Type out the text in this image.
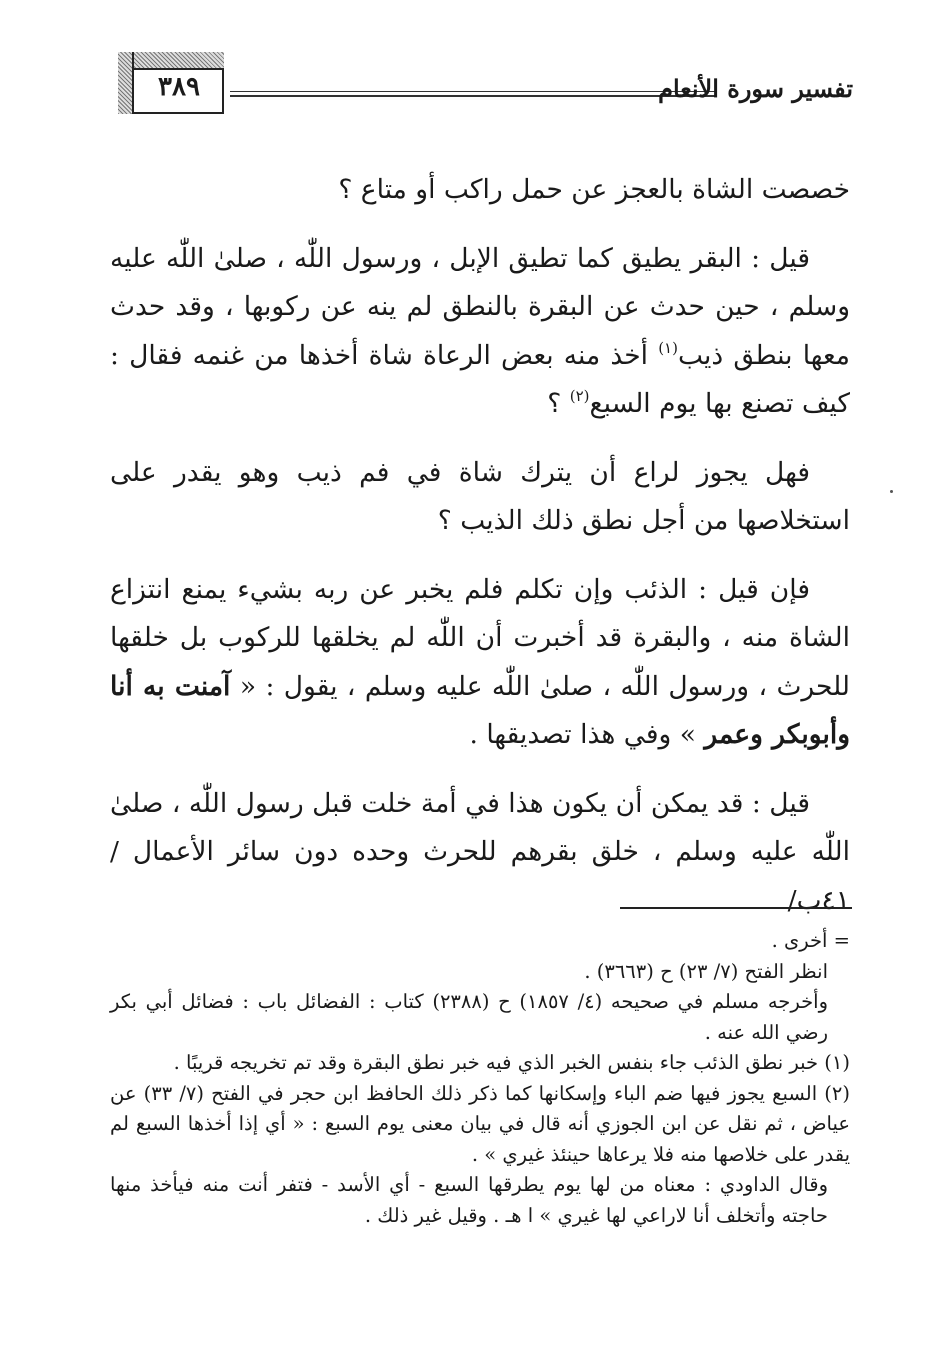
٣٨٩	تفسير سورة الأنعام

خصصت الشاة بالعجز عن حمل راكب أو متاع ؟

قيل : البقر يطيق كما تطيق الإبل ، ورسول اللّٰه ، صلىٰ اللّٰه عليه وسلم ، حين حدث عن البقرة بالنطق لم ينه عن ركوبها ، وقد حدث معها بنطق ذيب$^{(١)}$ أخذ منه بعض الرعاة شاة أخذها من غنمه فقال : كيف تصنع بها يوم السبع$^{(٢)}$ ؟

فهل يجوز لراع أن يترك شاة في فم ذيب وهو يقدر على استخلاصها من أجل نطق ذلك الذيب ؟

فإن قيل : الذئب وإن تكلم فلم يخبر عن ربه بشيء يمنع انتزاع الشاة منه ، والبقرة قد أخبرت أن اللّٰه لم يخلقها للركوب بل خلقها للحرث ، ورسول اللّٰه ، صلىٰ اللّٰه عليه وسلم ، يقول : « آمنت به أنا وأبوبكر وعمر » وفي هذا تصديقها .

قيل : قد يمكن أن يكون هذا في أمة خلت قبل رسول اللّٰه ، صلىٰ اللّٰه عليه وسلم ، خلق بقرهم للحرث وحده دون سائر الأعمال / ٤١ب/

= أخرى .

انظر الفتح (٧/ ٢٣) ح (٣٦٦٣) .

وأخرجه مسلم في صحيحه (٤/ ١٨٥٧) ح (٢٣٨٨) كتاب : الفضائل باب : فضائل أبي بكر رضي الله عنه .

(١) خبر نطق الذئب جاء بنفس الخبر الذي فيه خبر نطق البقرة وقد تم تخريجه قريبًا .

(٢) السبع يجوز فيها ضم الباء وإسكانها كما ذكر ذلك الحافظ ابن حجر في الفتح (٧/ ٣٣) عن عياض ، ثم نقل عن ابن الجوزي أنه قال في بيان معنى يوم السبع : « أي إذا أخذها السبع لم يقدر على خلاصها منه فلا يرعاها حينئذ غيري » .

وقال الداودي : معناه من لها يوم يطرقها السبع - أي الأسد - فتفر أنت منه فيأخذ منها حاجته وأتخلف أنا لاراعي لها غيري » ا هـ . وقيل غير ذلك .
